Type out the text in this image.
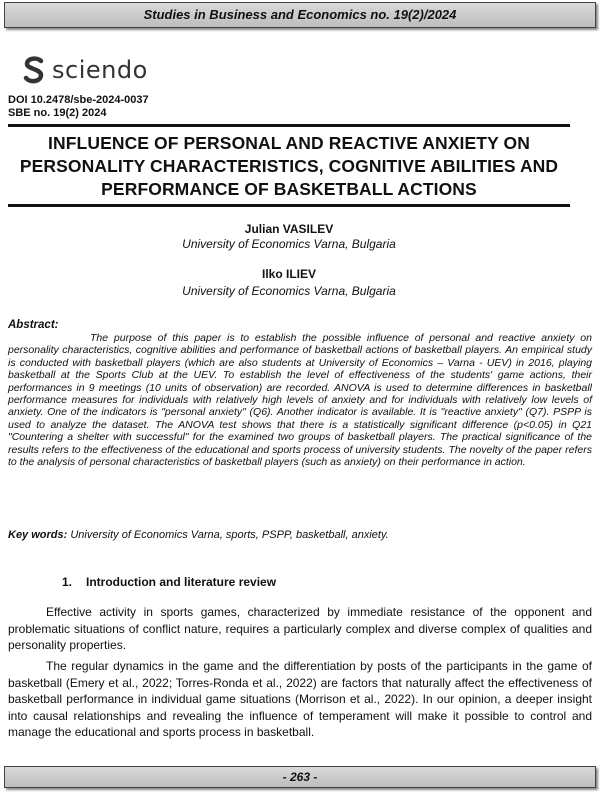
Studies in Business and Economics no. 19(2)/2024
sciendo
DOI 10.2478/sbe-2024-0037
SBE no. 19(2) 2024
INFLUENCE OF PERSONAL AND REACTIVE ANXIETY ON PERSONALITY CHARACTERISTICS, COGNITIVE ABILITIES AND PERFORMANCE OF BASKETBALL ACTIONS
Julian VASILEV
University of Economics Varna, Bulgaria
Ilko ILIEV
University of Economics Varna, Bulgaria
Abstract:
The purpose of this paper is to establish the possible influence of personal and reactive anxiety on personality characteristics, cognitive abilities and performance of basketball actions of basketball players. An empirical study is conducted with basketball players (which are also students at University of Economics – Varna - UEV) in 2016, playing basketball at the Sports Club at the UEV. To establish the level of effectiveness of the students' game actions, their performances in 9 meetings (10 units of observation) are recorded. ANOVA is used to determine differences in basketball performance measures for individuals with relatively high levels of anxiety and for individuals with relatively low levels of anxiety. One of the indicators is "personal anxiety" (Q6). Another indicator is available. It is "reactive anxiety" (Q7). PSPP is used to analyze the dataset. The ANOVA test shows that there is a statistically significant difference (p<0.05) in Q21 "Countering a shelter with successful" for the examined two groups of basketball players. The practical significance of the results refers to the effectiveness of the educational and sports process of university students. The novelty of the paper refers to the analysis of personal characteristics of basketball players (such as anxiety) on their performance in action.
Key words: University of Economics Varna, sports, PSPP, basketball, anxiety.
1. Introduction and literature review

Effective activity in sports games, characterized by immediate resistance of the opponent and problematic situations of conflict nature, requires a particularly complex and diverse complex of qualities and personality properties.

The regular dynamics in the game and the differentiation by posts of the participants in the game of basketball (Emery et al., 2022; Torres-Ronda et al., 2022) are factors that naturally affect the effectiveness of basketball performance in individual game situations (Morrison et al., 2022). In our opinion, a deeper insight into causal relationships and revealing the influence of temperament will make it possible to control and manage the educational and sports process in basketball.

- 263 -
